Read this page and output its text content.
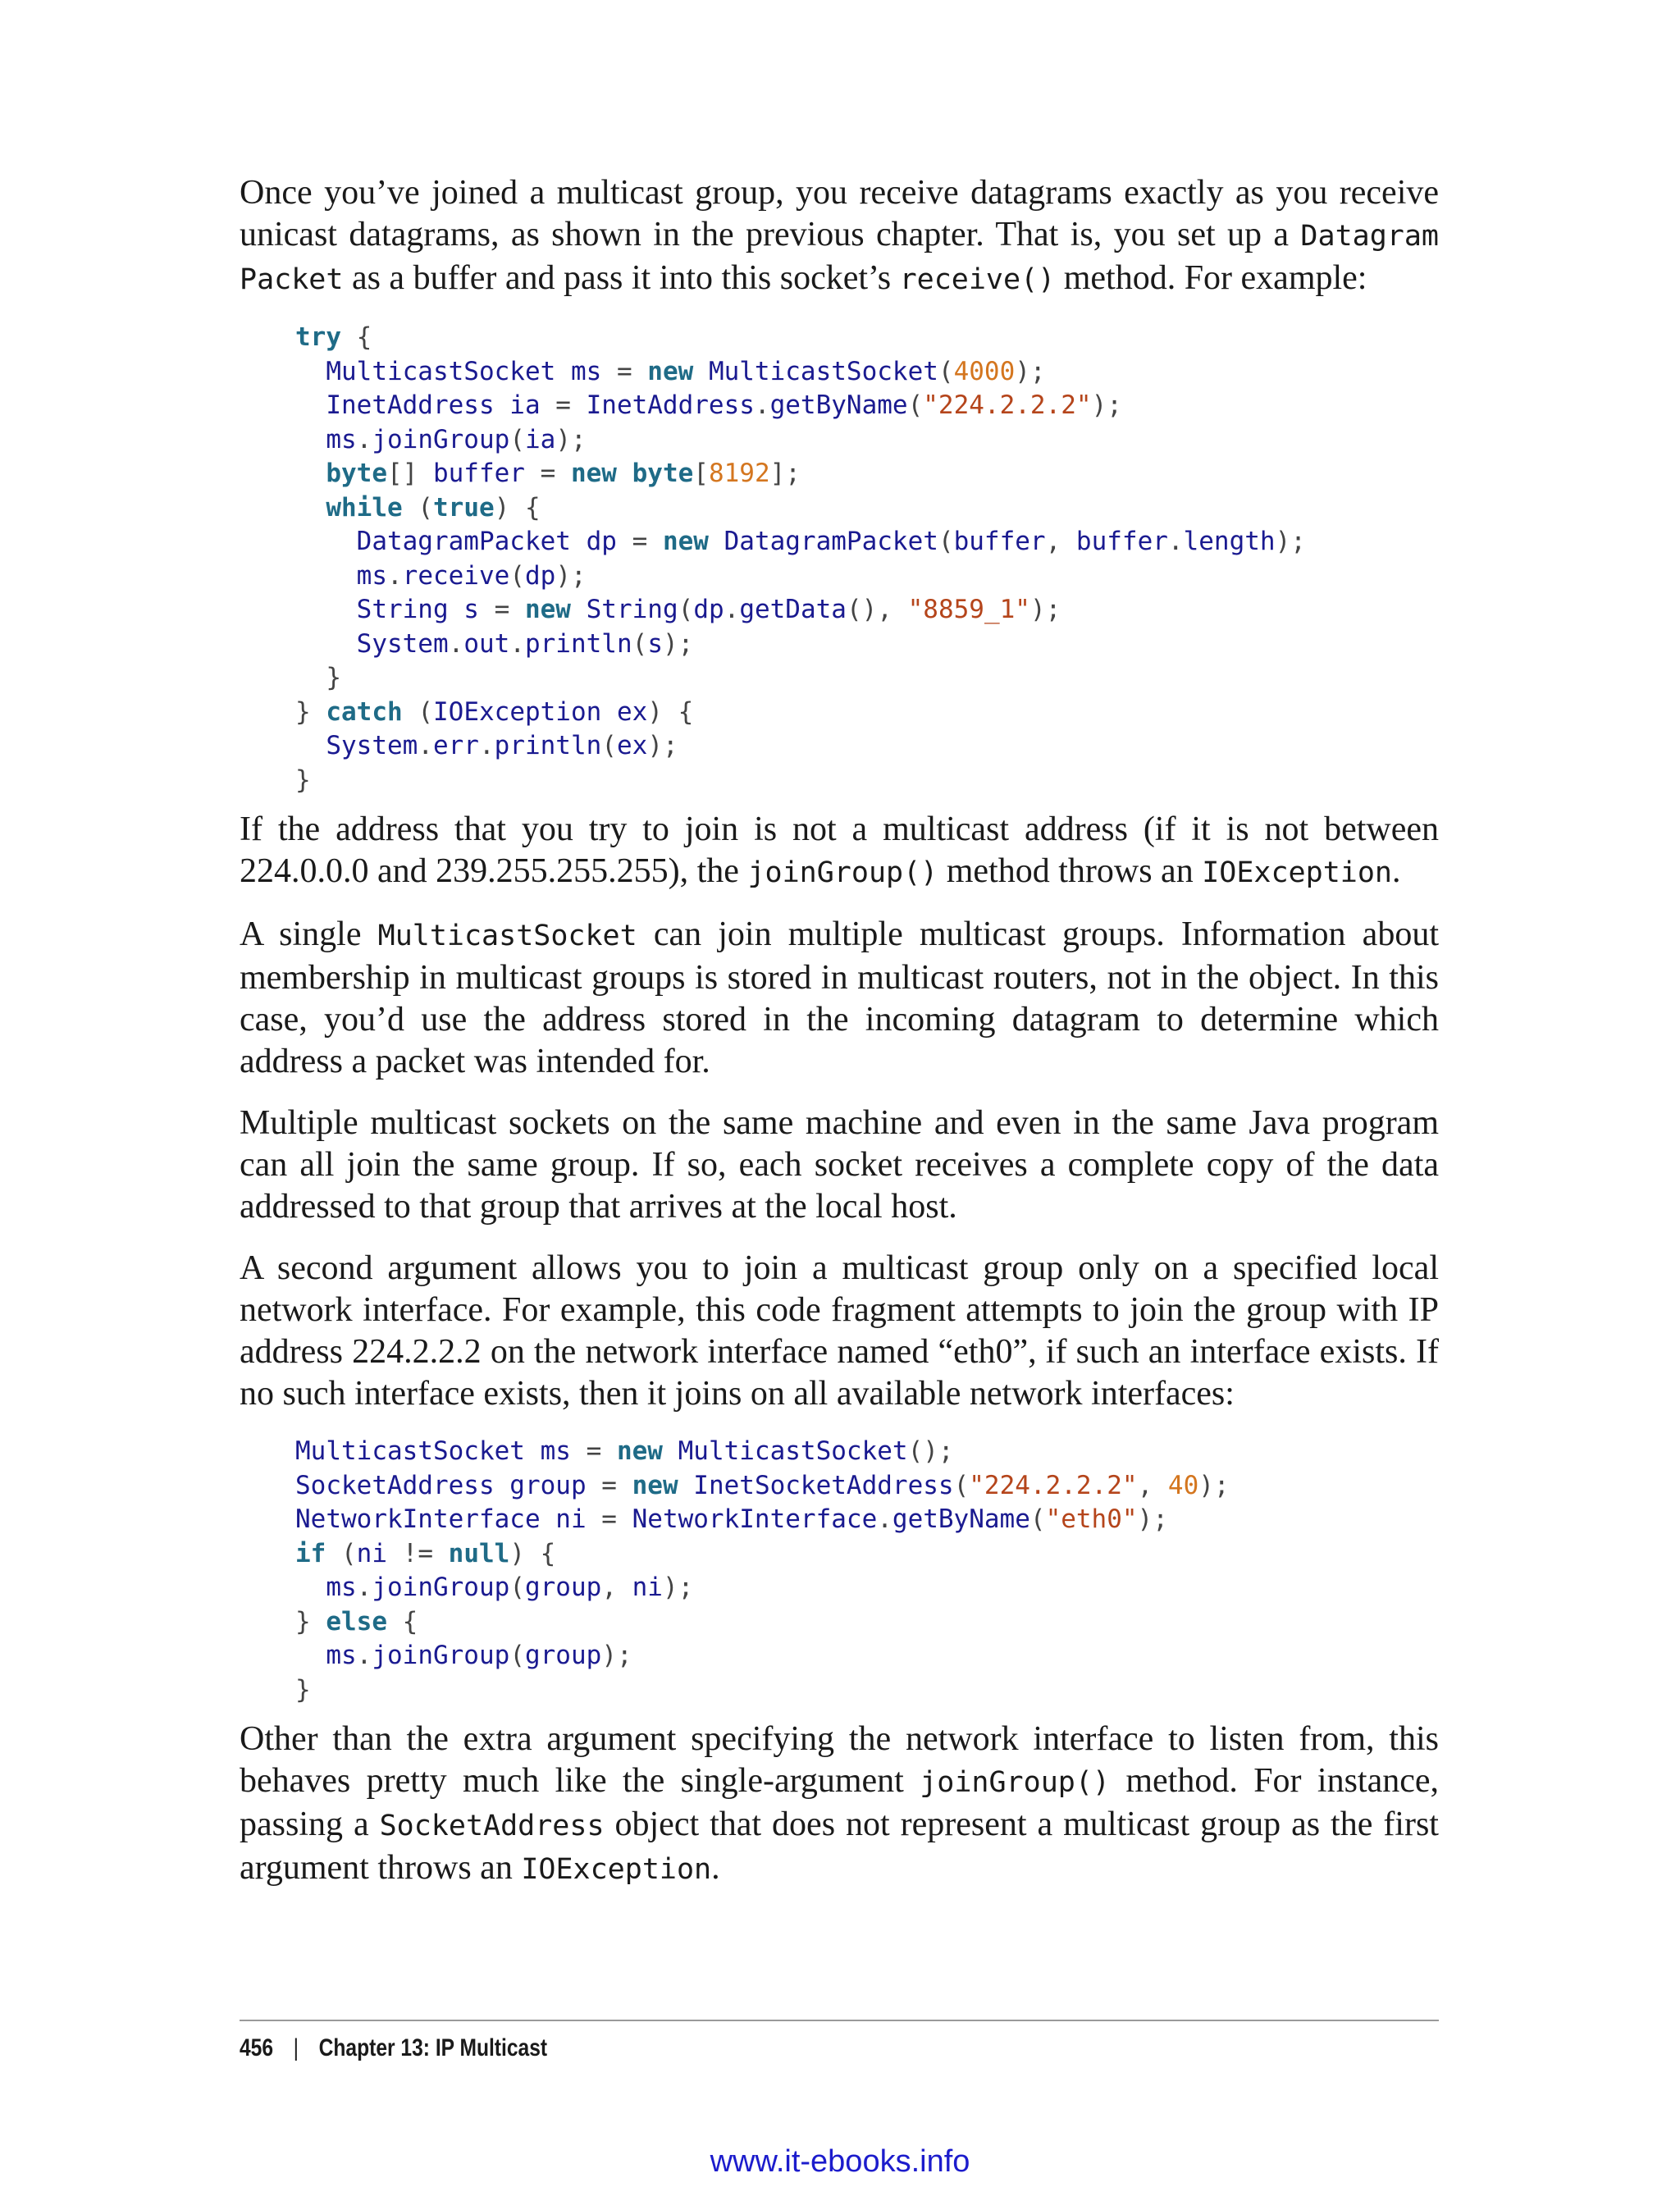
Once you’ve joined a multicast group, you receive datagrams exactly as you receive unicast datagrams, as shown in the previous chapter. That is, you set up a Datagram Packet as a buffer and pass it into this socket’s receive() method. For example:

try {
MulticastSocket ms = new MulticastSocket(4000);
InetAddress ia = InetAddress.getByName("224.2.2.2");
ms.joinGroup(ia);
byte[] buffer = new byte[8192];
while (true) {
DatagramPacket dp = new DatagramPacket(buffer, buffer.length);
ms.receive(dp);
String s = new String(dp.getData(), "8859_1");
System.out.println(s);
}
} catch (IOException ex) {
System.err.println(ex);
}

If the address that you try to join is not a multicast address (if it is not between 224.0.0.0 and 239.255.255.255), the joinGroup() method throws an IOException.

A single MulticastSocket can join multiple multicast groups. Information about membership in multicast groups is stored in multicast routers, not in the object. In this case, you’d use the address stored in the incoming datagram to determine which address a packet was intended for.

Multiple multicast sockets on the same machine and even in the same Java program can all join the same group. If so, each socket receives a complete copy of the data addressed to that group that arrives at the local host.

A second argument allows you to join a multicast group only on a specified local network interface. For example, this code fragment attempts to join the group with IP address 224.2.2.2 on the network interface named “eth0”, if such an interface exists. If no such interface exists, then it joins on all available network interfaces:

MulticastSocket ms = new MulticastSocket();
SocketAddress group = new InetSocketAddress("224.2.2.2", 40);
NetworkInterface ni = NetworkInterface.getByName("eth0");
if (ni != null) {
ms.joinGroup(group, ni);
} else {
ms.joinGroup(group);
}

Other than the extra argument specifying the network interface to listen from, this behaves pretty much like the single-argument joinGroup() method. For instance, passing a SocketAddress object that does not represent a multicast group as the first argument throws an IOException.

456 | Chapter 13: IP Multicast
www.it-ebooks.info
